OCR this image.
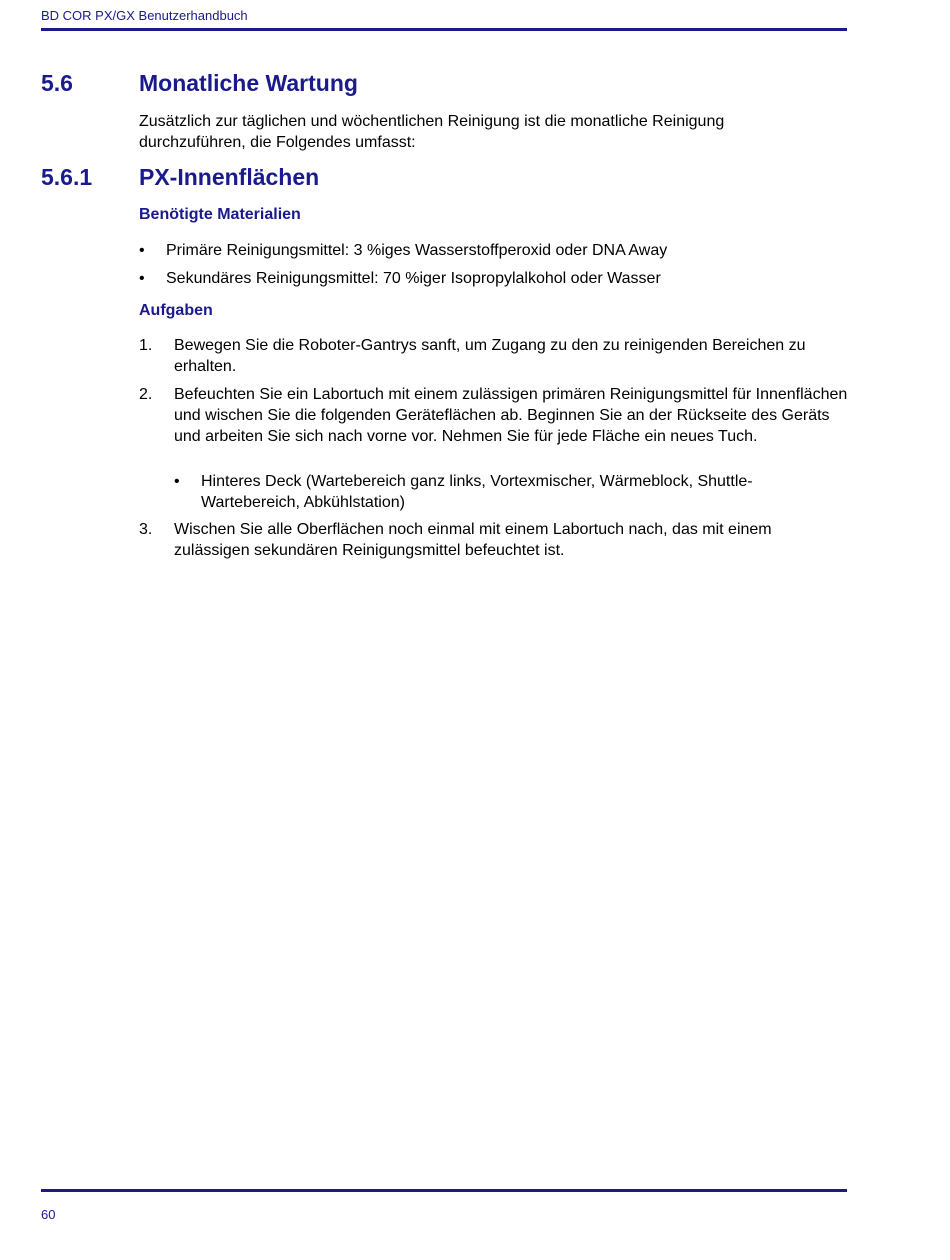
BD COR PX/GX Benutzerhandbuch
5.6	Monatliche Wartung
Zusätzlich zur täglichen und wöchentlichen Reinigung ist die monatliche Reinigung durchzuführen, die Folgendes umfasst:
5.6.1 PX-Innenflächen
Benötigte Materialien
•	Primäre Reinigungsmittel: 3 %iges Wasserstoffperoxid oder DNA Away
•	Sekundäres Reinigungsmittel: 70 %iger Isopropylalkohol oder Wasser
Aufgaben
1. Bewegen Sie die Roboter-Gantrys sanft, um Zugang zu den zu reinigenden Bereichen zu erhalten.
2. Befeuchten Sie ein Labortuch mit einem zulässigen primären Reinigungsmittel für Innenflächen und wischen Sie die folgenden Geräteflächen ab. Beginnen Sie an der Rückseite des Geräts und arbeiten Sie sich nach vorne vor. Nehmen Sie für jede Fläche ein neues Tuch.
• Hinteres Deck (Wartebereich ganz links, Vortexmischer, Wärmeblock, Shuttle-Wartebereich, Abkühlstation)
3. Wischen Sie alle Oberflächen noch einmal mit einem Labortuch nach, das mit einem zulässigen sekundären Reinigungsmittel befeuchtet ist.
60
